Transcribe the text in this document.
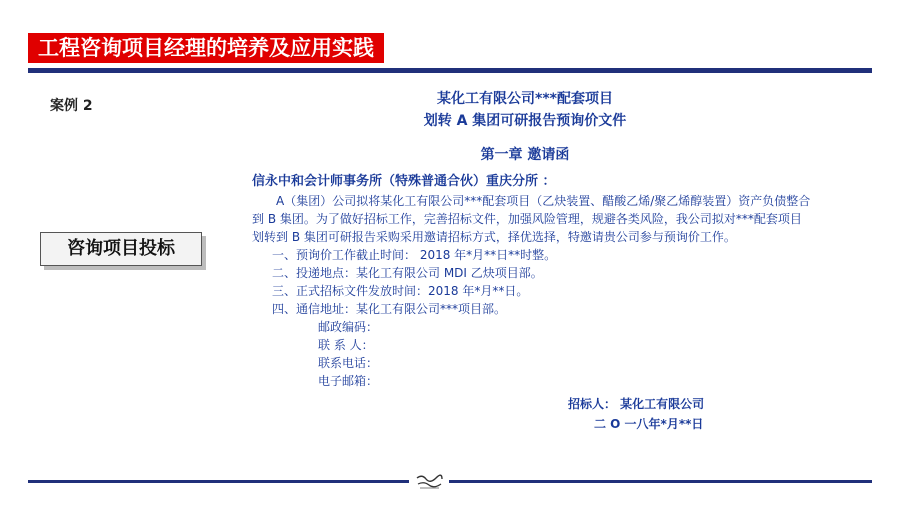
工程咨询项目经理的培养及应用实践
案例 2
咨询项目投标
某化工有限公司***配套项目
划转 A 集团可研报告预询价文件
第一章 邀请函
信永中和会计师事务所（特殊普通合伙）重庆分所 ：
A（集团）公司拟将某化工有限公司***配套项目（乙炔装置、醋酸乙烯/聚乙烯醇装置）资产负债整合到 B 集团。为了做好招标工作，完善招标文件，加强风险管理，规避各类风险，我公司拟对***配套项目划转到 B 集团可研报告采购采用邀请招标方式，择优选择，特邀请贵公司参与预询价工作。
一、预询价工作截止时间： 2018 年*月**日**时整。
二、投递地点：某化工有限公司 MDI 乙炔项目部。
三、正式招标文件发放时间：2018 年*月**日。
四、通信地址：某化工有限公司***项目部。
邮政编码：
联 系 人：
联系电话：
电子邮箱：
招标人： 某化工有限公司
二 O 一八年*月**日
